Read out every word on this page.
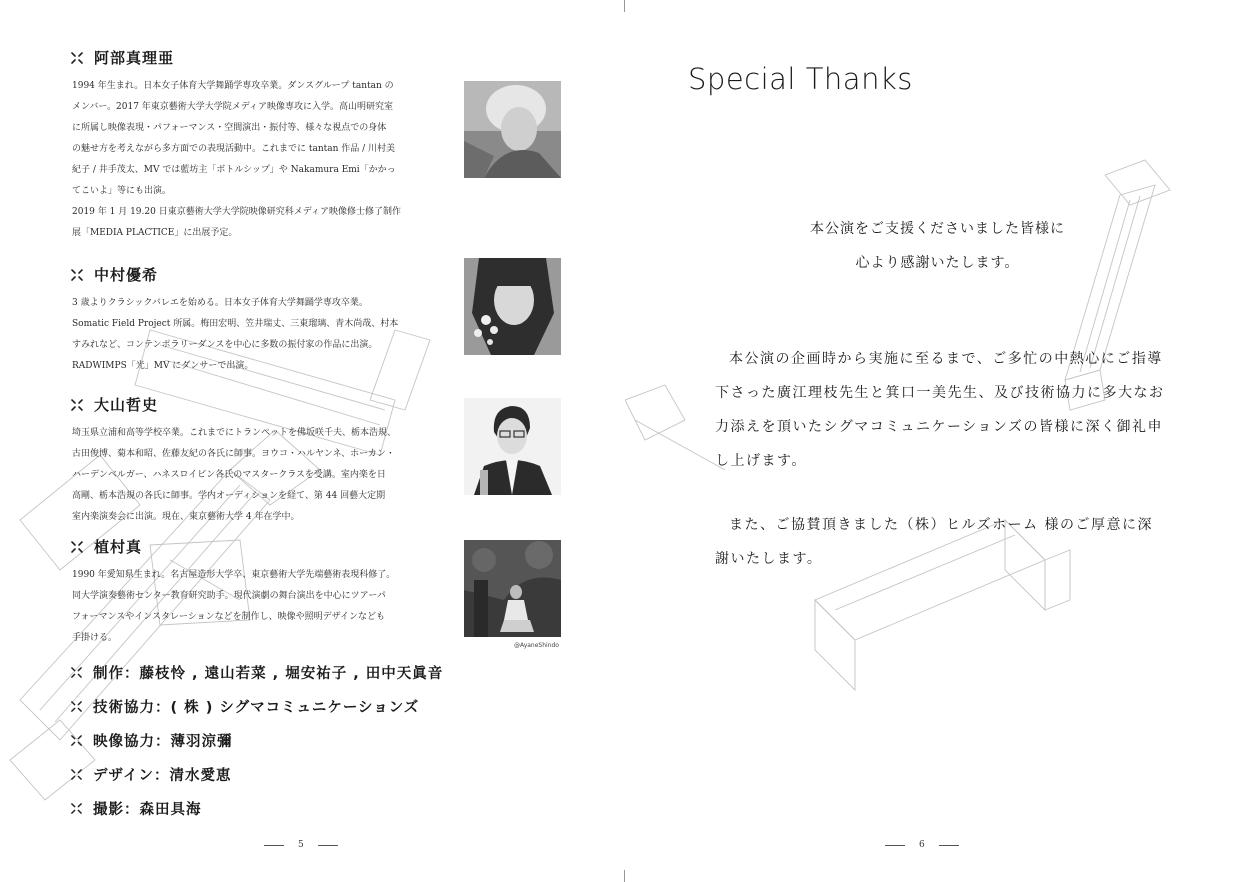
阿部真理亜

1994 年生まれ。日本女子体育大学舞踊学専攻卒業。ダンスグループ tantan の

メンバー。2017 年東京藝術大学大学院メディア映像専攻に入学。高山明研究室

に所属し映像表現・パフォーマンス・空間演出・振付等、様々な視点での身体

の魅せ方を考えながら多方面での表現活動中。これまでに tantan 作品 / 川村美

紀子 / 井手茂太、MV では藍坊主「ボトルシップ」や Nakamura Emi「かかっ

てこいよ」等にも出演。

2019 年 1 月 19.20 日東京藝術大学大学院映像研究科メディア映像修士修了制作

展「MEDIA PLACTICE」に出展予定。

中村優希

3 歳よりクラシックバレエを始める。日本女子体育大学舞踊学専攻卒業。

Somatic Field Project 所属。梅田宏明、笠井瑞丈、三東瑠璃、青木尚哉、村本

すみれなど、コンテンポラリーダンスを中心に多数の振付家の作品に出演。

RADWIMPS「光」MV にダンサーで出演。

大山哲史

埼玉県立浦和高等学校卒業。これまでにトランペットを佛坂咲千夫、栃本浩規、

古田俊博、菊本和昭、佐藤友紀の各氏に師事。ヨウコ・ハルヤンネ、ホーカン・

ハーデンベルガー、ハネスロイビン各氏のマスタークラスを受講。室内楽を日

高剛、栃本浩規の各氏に師事。学内オーディションを経て、第 44 回藝大定期

室内楽演奏会に出演。現在、東京藝術大学 4 年在学中。

植村真

1990 年愛知県生まれ。名古屋造形大学卒、東京藝術大学先端藝術表現科修了。

同大学演奏藝術センター教育研究助手。現代演劇の舞台演出を中心にツアーパ

フォーマンスやインスタレーションなどを制作し、映像や照明デザインなども

手掛ける。

@AyaneShindo
制作：藤枝怜 , 遠山若菜 , 堀安祐子 , 田中天眞音
技術協力：( 株 ) シグマコミュニケーションズ
映像協力：薄羽涼彌
デザイン：清水愛恵
撮影：森田具海
5
Special Thanks
本公演をご支援くださいました皆様に
心より感謝いたします。

本公演の企画時から実施に至るまで、ご多忙の中熱心にご指導下さった廣江理枝先生と箕口一美先生、及び技術協力に多大なお力添えを頂いたシグマコミュニケーションズの皆様に深く御礼申し上げます。

また、ご協賛頂きました（株）ヒルズホーム 様のご厚意に深謝いたします。

6
